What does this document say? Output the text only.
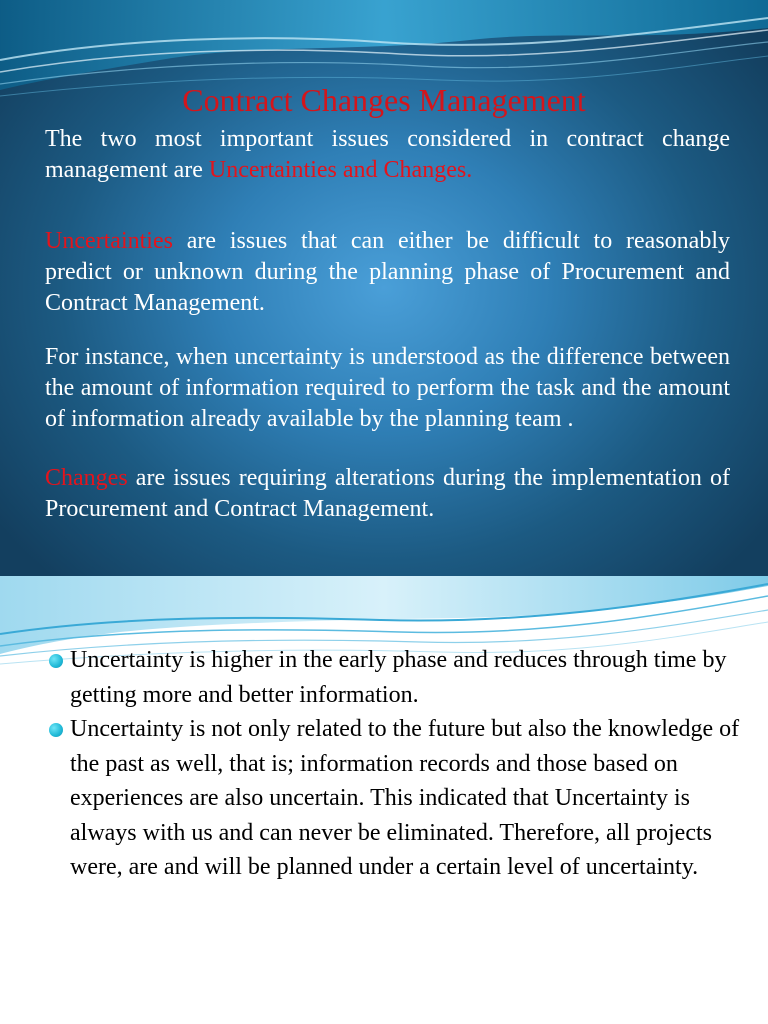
Contract Changes Management

The two most important issues considered in contract change management are Uncertainties and Changes.

Uncertainties are issues that can either be difficult to reasonably predict or unknown during the planning phase of Procurement and Contract Management.

For instance, when uncertainty is understood as the difference between the amount of information required to perform the task and the amount of information already available by the planning team .

Changes are issues requiring alterations during the implementation of Procurement and Contract Management.

Uncertainty is higher in the early phase and reduces through time by getting more and better information.
Uncertainty is not only related to the future but also the knowledge of the past as well, that is; information records and those based on experiences are also uncertain. This indicated that Uncertainty is always with us and can never be eliminated. Therefore, all projects were, are and will be planned under a certain level of uncertainty.
